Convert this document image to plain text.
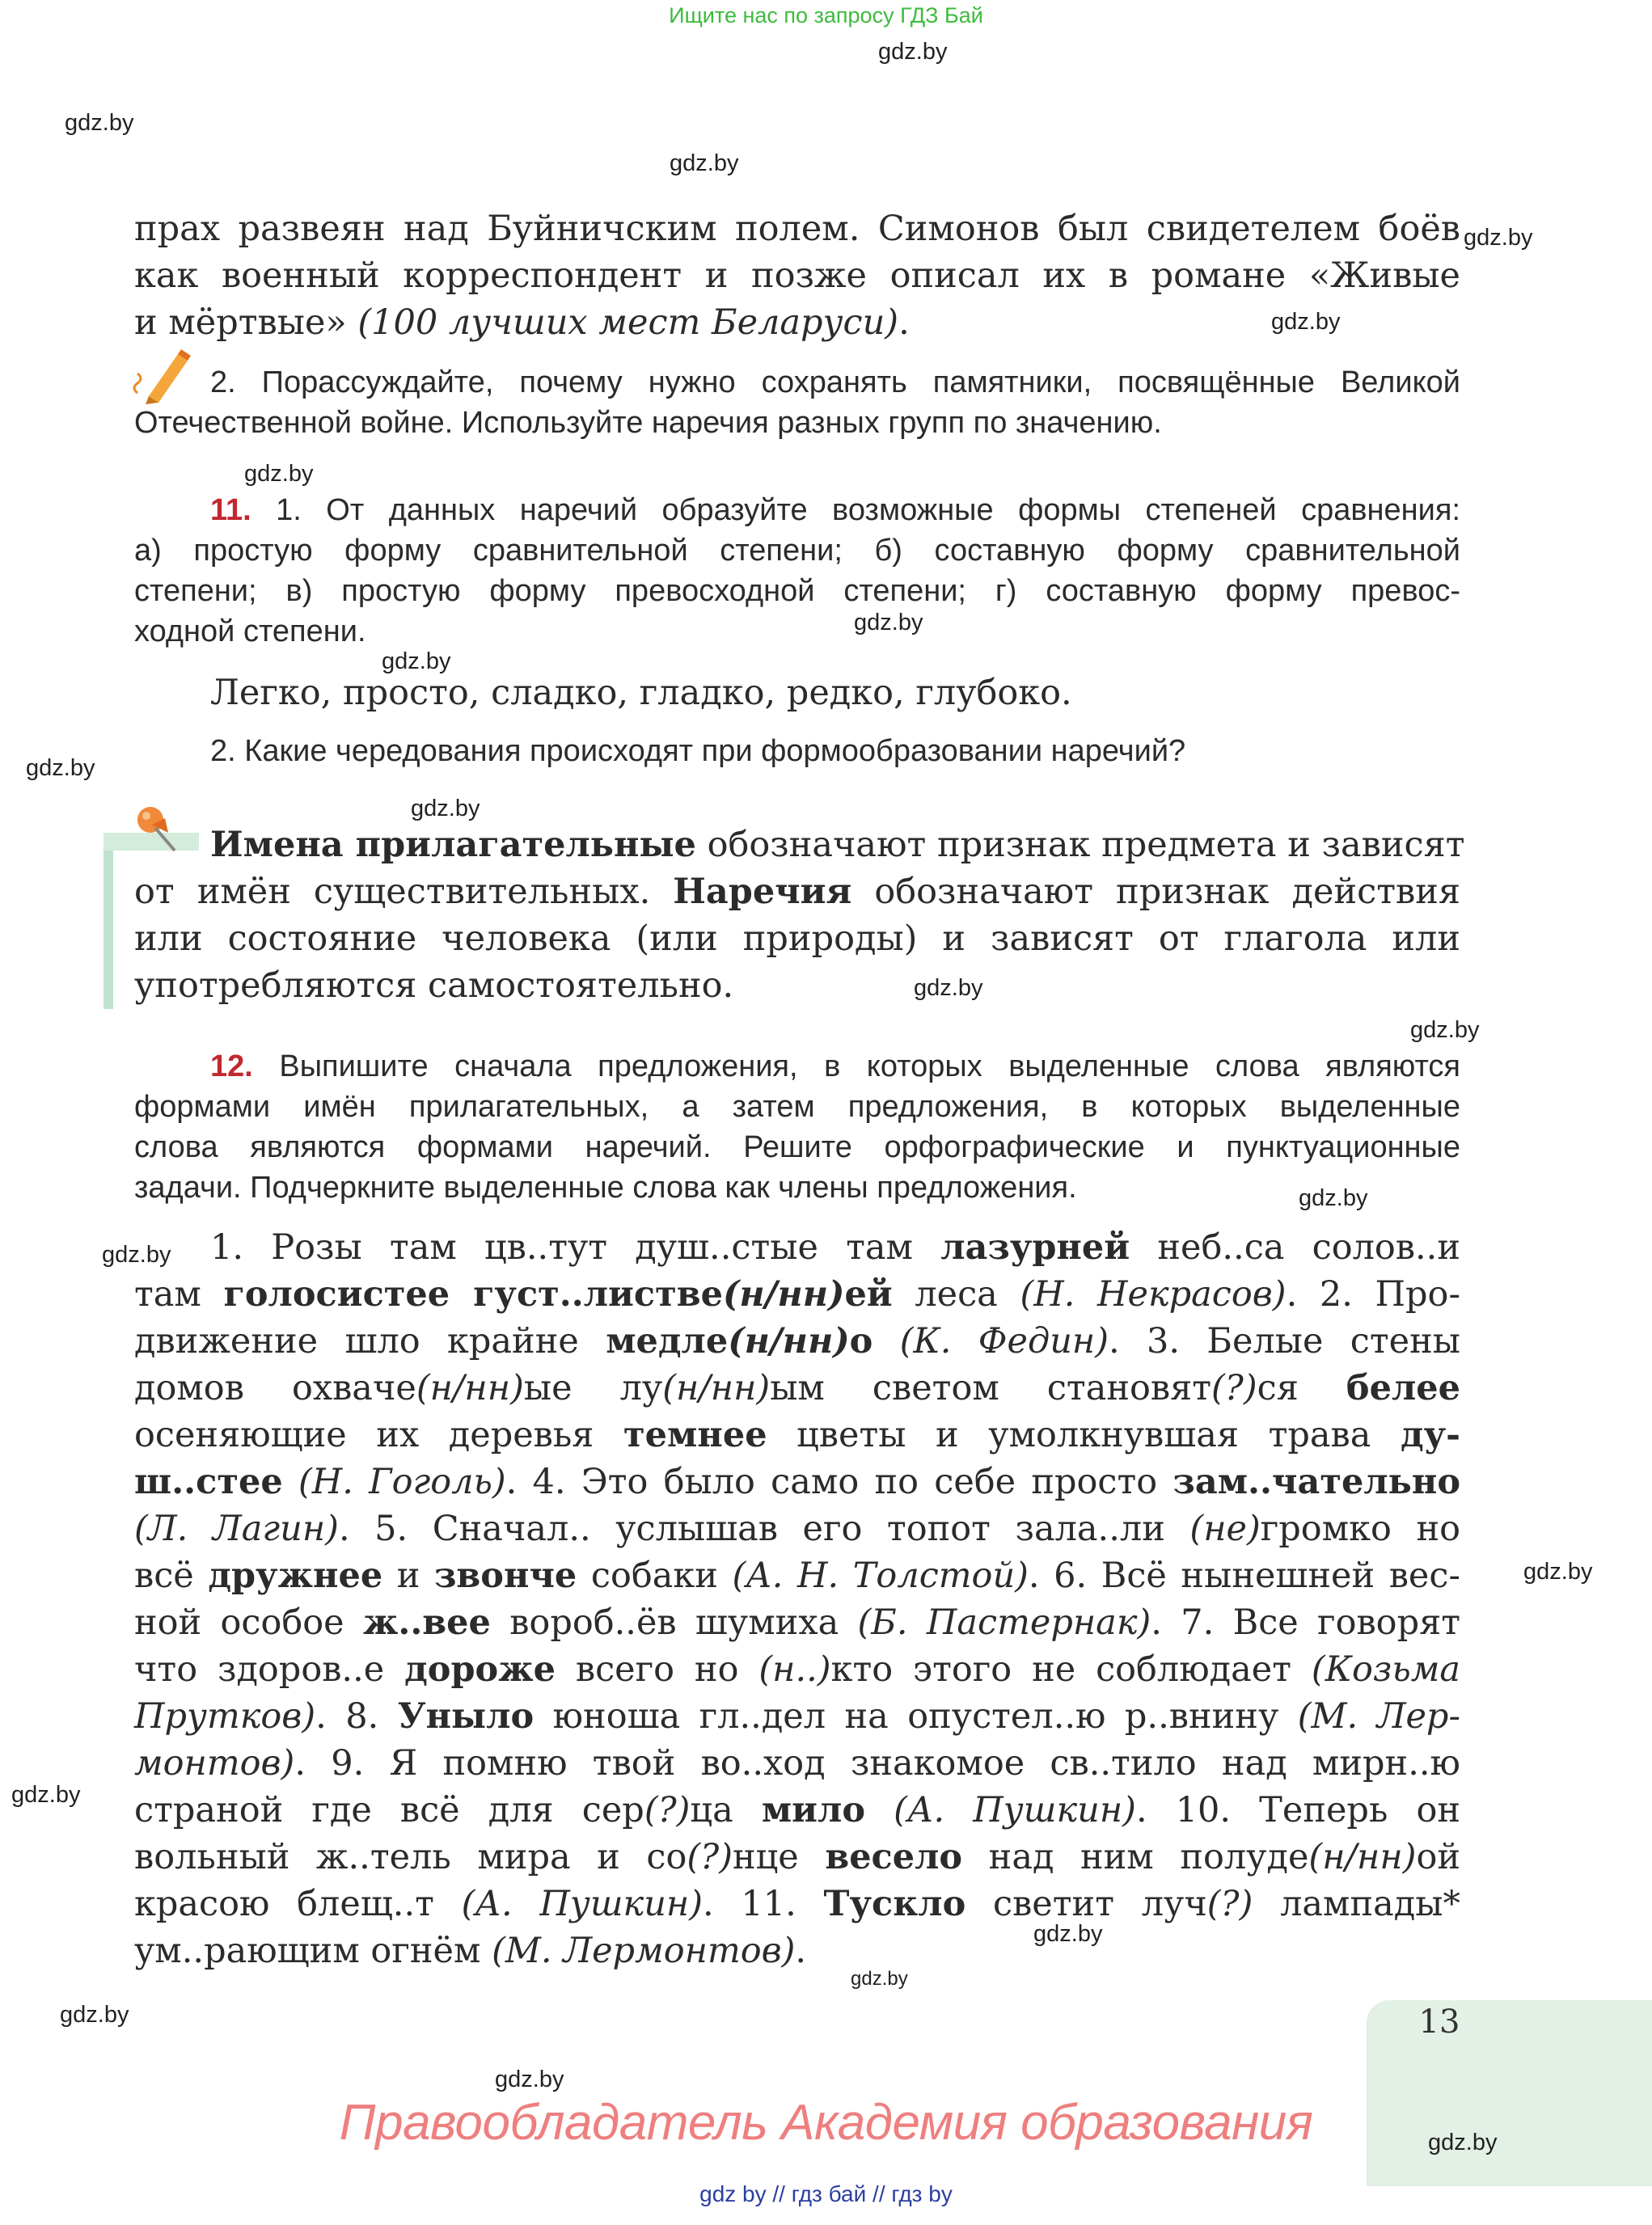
Ищите нас по запросу ГДЗ Бай
gdz.by
gdz.by
gdz.by
gdz.by
gdz.by
gdz.by
gdz.by
gdz.by
gdz.by
gdz.by
gdz.by
gdz.by
gdz.by
gdz.by
gdz.by
gdz.by
gdz.by
gdz.by
gdz.by
gdz.by
прах развеян над Буйничским полем. Симонов был свидетелем боёв
как военный корреспондент и позже описал их в романе «Живые
и мёртвые» (100 лучших мест Беларуси).
2. Порассуждайте, почему нужно сохранять памятники, посвящённые Великой
Отечественной войне. Используйте наречия разных групп по значению.
11. 1. От данных наречий образуйте возможные формы степеней сравнения:
а) простую форму сравнительной степени; б) составную форму сравнительной
степени; в) простую форму превосходной степени; г) составную форму превос-
ходной степени.
Легко, просто, сладко, гладко, редко, глубоко.
2. Какие чередования происходят при формообразовании наречий?
Имена прилагательные обозначают признак предмета и зависят
от имён существительных. Наречия обозначают признак действия
или состояние человека (или природы) и зависят от глагола или
употребляются самостоятельно.
12. Выпишите сначала предложения, в которых выделенные слова являются
формами имён прилагательных, а затем предложения, в которых выделенные
слова являются формами наречий. Решите орфографические и пунктуационные
задачи. Подчеркните выделенные слова как члены предложения.
1. Розы там цв..тут душ..стые там лазурней неб..са солов..и
там голосистее густ..листве(н/нн)ей леса (Н. Некрасов). 2. Про-
движение шло крайне медле(н/нн)о (К. Федин). 3. Белые стены
домов охваче(н/нн)ые лу(н/нн)ым светом становят(?)ся белее
осеняющие их деревья темнее цветы и умолкнувшая трава ду-
ш..стее (Н. Гоголь). 4. Это было само по себе просто зам..чательно
(Л. Лагин). 5. Сначал.. услышав его топот зала..ли (не)громко но
всё дружнее и звонче собаки (А. Н. Толстой). 6. Всё нынешней вес-
ной особое ж..вее вороб..ёв шумиха (Б. Пастернак). 7. Все говорят
что здоров..е дороже всего но (н..)кто этого не соблюдает (Козьма
Прутков). 8. Уныло юноша гл..дел на опустел..ю р..внину (М. Лер-
монтов). 9. Я помню твой во..ход знакомое св..тило над мирн..ю
страной где всё для сер(?)ца мило (А. Пушкин). 10. Теперь он
вольный ж..тель мира и со(?)нце весело над ним полуде(н/нн)ой
красою блещ..т (А. Пушкин). 11. Тускло светит луч(?) лампады*
ум..рающим огнём (М. Лермонтов).
13
gdz.by
Правообладатель Академия образования
gdz by // гдз бай // гдз by
